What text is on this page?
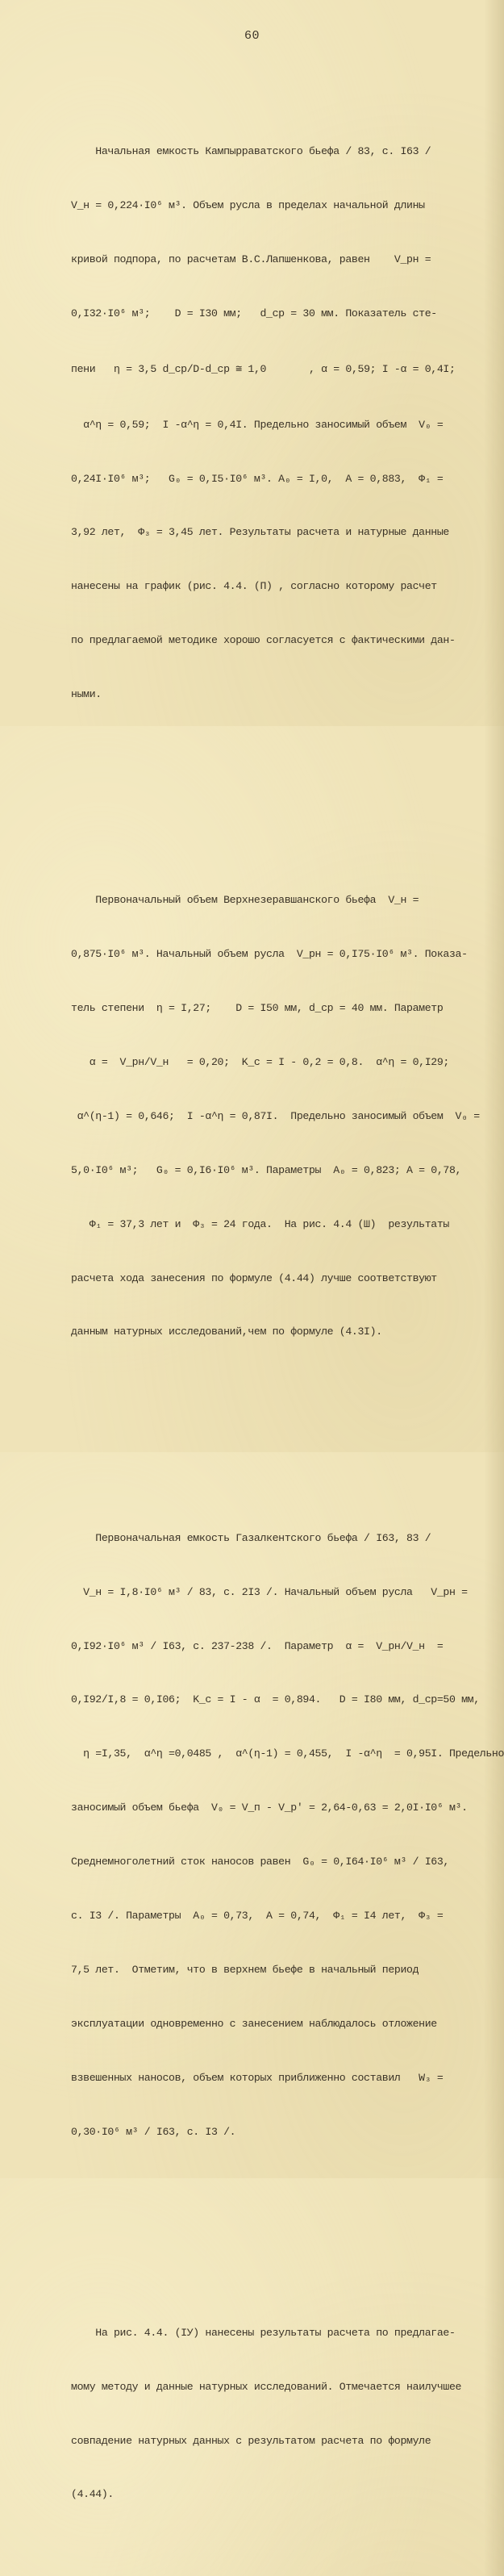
60

Начальная емкость Кампырраватского бьефа / 83, с. I63 /

V_н = 0,224·I0⁶ м³. Объем русла в пределах начальной длины

кривой подпора, по расчетам В.С.Лапшенкова, равен    V_рн =

0,I32·I0⁶ м³;    D = I30 мм;   d_ср = 30 мм. Показатель сте-

пени   η = 3,5 d_ср/D-d_ср ≅ 1,0       , α = 0,59; I -α = 0,4I;

α^η = 0,59;  I -α^η = 0,4I. Предельно заносимый объем  V₀ =

0,24I·I0⁶ м³;   G₀ = 0,I5·I0⁶ м³. A₀ = I,0,  A = 0,883,  Φ₁ =

3,92 лет,  Φ₃ = 3,45 лет. Результаты расчета и натурные данные

нанесены на график (рис. 4.4. (П) , согласно которому расчет

по предлагаемой методике хорошо согласуется с фактическими дан-

ными.

Первоначальный объем Верхнезеравшанского бьефа  V_н =

0,875·I0⁶ м³. Начальный объем русла  V_рн = 0,I75·I0⁶ м³. Показа-

тель степени  η = I,27;    D = I50 мм, d_ср = 40 мм. Параметр

α =  V_рн/V_н   = 0,20;  K_с = I - 0,2 = 0,8.  α^η = 0,I29;

α^(η-1) = 0,646;  I -α^η = 0,87I.  Предельно заносимый объем  V₀ =

5,0·I0⁶ м³;   G₀ = 0,I6·I0⁶ м³. Параметры  A₀ = 0,823; A = 0,78,

Φ₁ = 37,3 лет и  Φ₃ = 24 года.  На рис. 4.4 (Ш)  результаты

расчета хода занесения по формуле (4.44) лучше соответствуют

данным натурных исследований,чем по формуле (4.3I).

Первоначальная емкость Газалкентского бьефа / I63, 83 /

V_н = I,8·I0⁶ м³ / 83, с. 2I3 /. Начальный объем русла   V_рн =

0,I92·I0⁶ м³ / I63, с. 237-238 /.  Параметр  α =  V_рн/V_н  =

0,I92/I,8 = 0,I06;  K_с = I - α  = 0,894.   D = I80 мм, d_ср=50 мм,

η =I,35,  α^η =0,0485 ,  α^(η-1) = 0,455,  I -α^η  = 0,95I. Предельно

заносимый объем бьефа  V₀ = V_п - V_р' = 2,64-0,63 = 2,0I·I0⁶ м³.

Среднемноголетний сток наносов равен  G₀ = 0,I64·I0⁶ м³ / I63,

с. I3 /. Параметры  A₀ = 0,73,  A = 0,74,  Φ₁ = I4 лет,  Φ₃ =

7,5 лет.  Отметим, что в верхнем бьефе в начальный период

эксплуатации одновременно с занесением наблюдалось отложение

взвешенных наносов, объем которых приближенно составил   W₃ =

0,30·I0⁶ м³ / I63, с. I3 /.

На рис. 4.4. (IУ) нанесены результаты расчета по предлагае-

мому методу и данные натурных исследований. Отмечается наилучшее

совпадение натурных данных с результатом расчета по формуле

(4.44).
